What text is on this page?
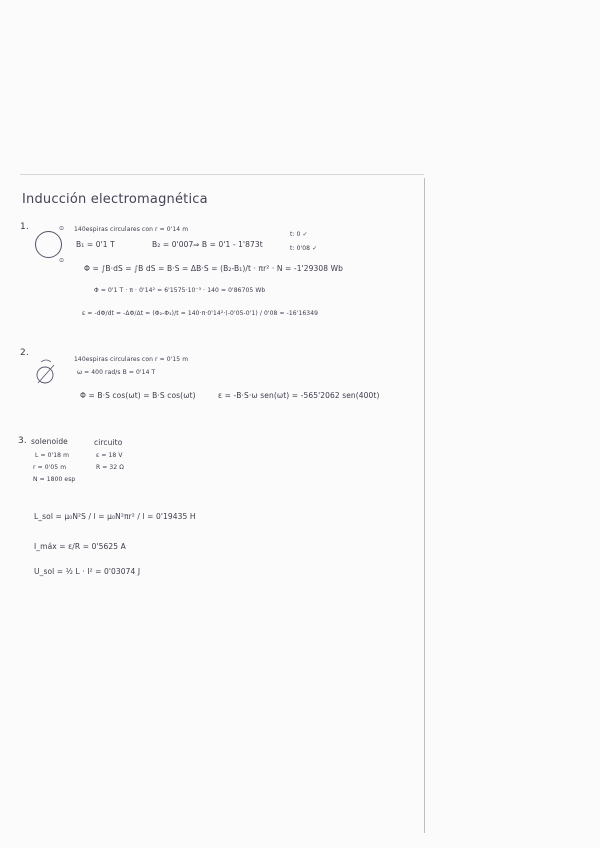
Inducción electromagnética
1.	⊙
⊙
140espiras circulares con r = 0'14 m
B₁ = 0'1 T	B₂ = 0'007 ⇒ B = 0'1 - 1'873t
t: 0 ✓
t: 0'08 ✓
Φ = ∫B·dS = ∫B dS = B·S = ΔB·S = (B₂-B₁)/t · πr² · N = -1'29308 Wb
Φ = 0'1 T · π · 0'14² = 6'1575·10⁻³ · 140 = 0'86705 Wb
ε = -dΦ/dt = -ΔΦ/Δt = (Φ₂-Φ₁)/t = 140·π·0'14²·(-0'05-0'1) / 0'08 = -16'16349
2.
140espiras circulares con r = 0'15 m
ω = 400 rad/s B = 0'14 T
Φ = B·S cos(ωt) = B·S cos(ωt)	ε = -B·S·ω sen(ωt) = -565'2062 sen(400t)
3. solenoide	circuito
L = 0'18 m
r = 0'05 m
N = 1800 esp
ε = 18 V
R = 32 Ω
L_sol = μ₀N²S / l = μ₀N²πr² / l = 0'19435 H
I_máx = ε/R = 0'5625 A
U_sol = ½ L · I² = 0'03074 J
